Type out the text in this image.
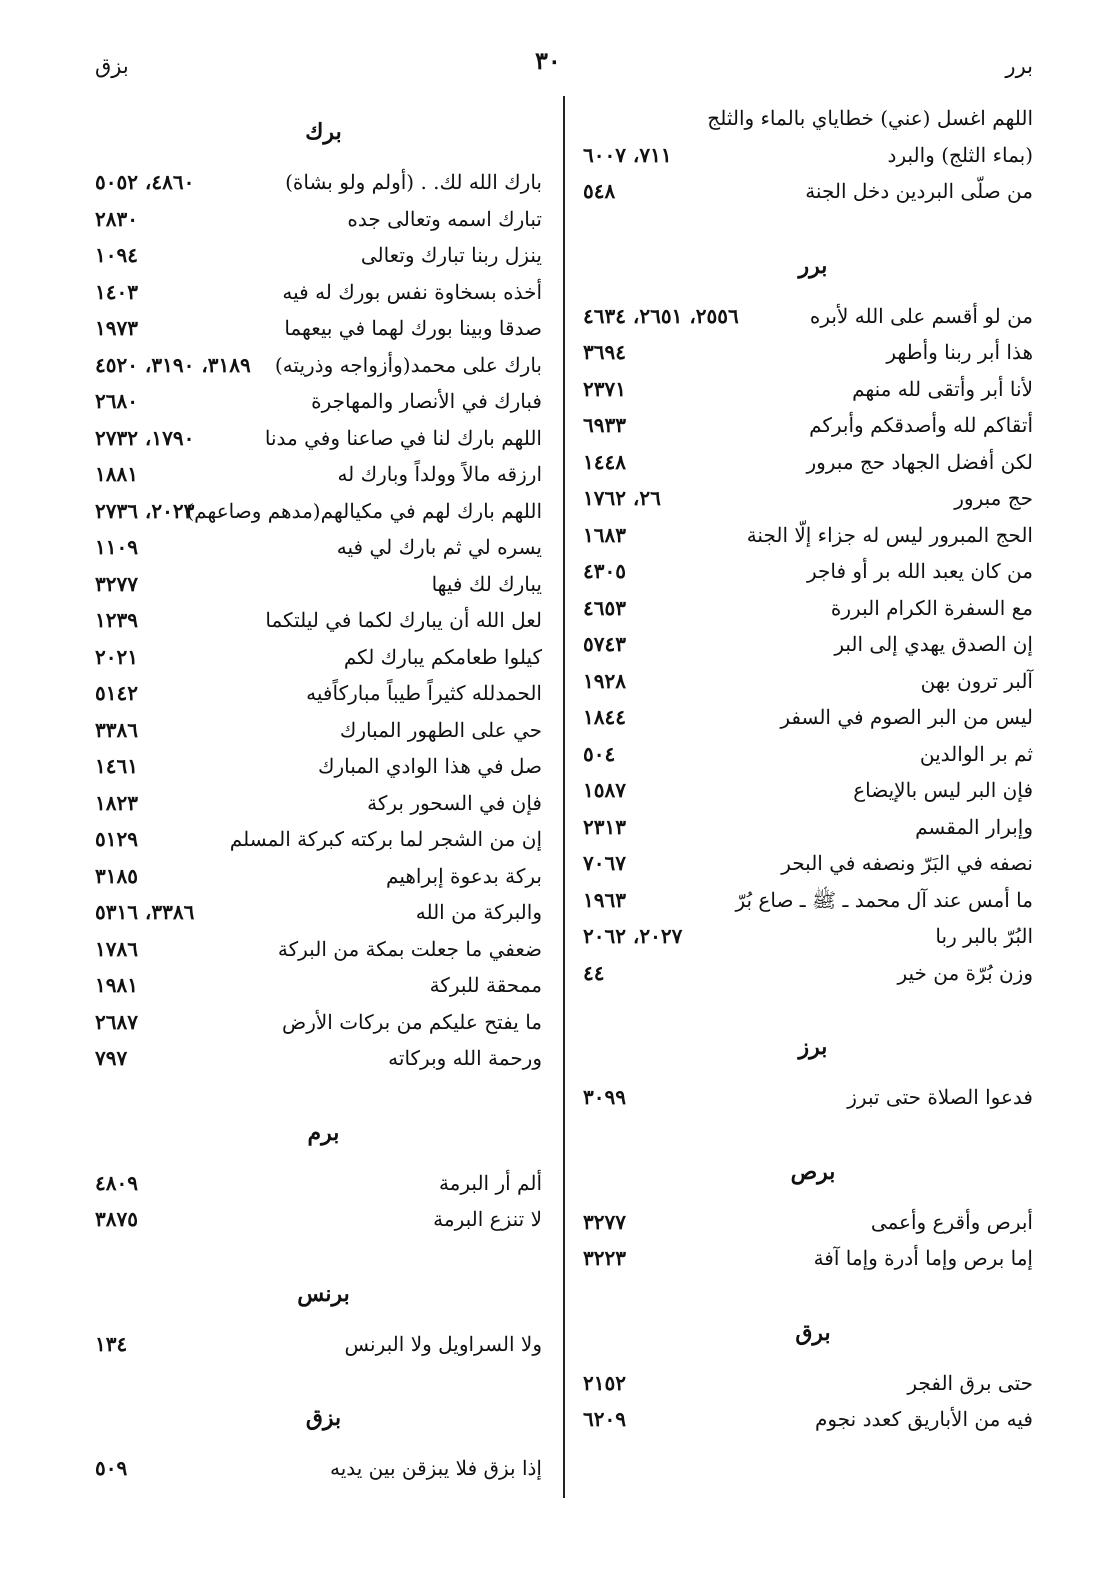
بزق	٣٠	برر
اللهم اغسل (عني) خطاياي بالماء والثلج
(بماء الثلج) والبرد
٧١١، ٦٠٠٧
من صلّى البردين دخل الجنة
٥٤٨
برر
من لو أقسم على الله لأبره
٢٥٥٦، ٢٦٥١، ٤٦٣٤
هذا أبر ربنا وأطهر
٣٦٩٤
لأنا أبر وأتقى لله منهم
٢٣٧١
أتقاكم لله وأصدقكم وأبركم
٦٩٣٣
لكن أفضل الجهاد حج مبرور
١٤٤٨
حج مبرور
٢٦، ١٧٦٢
الحج المبرور ليس له جزاء إلّا الجنة
١٦٨٣
من كان يعبد الله بر أو فاجر
٤٣٠٥
مع السفرة الكرام البررة
٤٦٥٣
إن الصدق يهدي إلى البر
٥٧٤٣
آلبر ترون بهن
١٩٢٨
ليس من البر الصوم في السفر
١٨٤٤
ثم بر الوالدين
٥٠٤
فإن البر ليس بالإيضاع
١٥٨٧
وإبرار المقسم
٢٣١٣
نصفه في البَرّ ونصفه في البحر
٧٠٦٧
ما أمس عند آل محمد ـ ﷺ ـ صاع بُرّ
١٩٦٣
البُرّ بالبر ربا
٢٠٢٧، ٢٠٦٢
وزن بُرّة من خير
٤٤
برز
فدعوا الصلاة حتى تبرز
٣٠٩٩
برص
أبرص وأقرع وأعمى
٣٢٧٧
إما برص وإما أدرة وإما آفة
٣٢٢٣
برق
حتى برق الفجر
٢١٥٢
فيه من الأباريق كعدد نجوم
٦٢٠٩
برك
بارك الله لك. . (أولم ولو بشاة)
٤٨٦٠، ٥٠٥٢
تبارك اسمه وتعالى جده
٢٨٣٠
ينزل ربنا تبارك وتعالى
١٠٩٤
أخذه بسخاوة نفس بورك له فيه
١٤٠٣
صدقا وبينا بورك لهما في بيعهما
١٩٧٣
بارك على محمد(وأزواجه وذريته)
٣١٨٩، ٣١٩٠، ٤٥٢٠
فبارك في الأنصار والمهاجرة
٢٦٨٠
اللهم بارك لنا في صاعنا وفي مدنا
١٧٩٠، ٢٧٣٢
ارزقه مالاً وولداً وبارك له
١٨٨١
اللهم بارك لهم في مكيالهم(مدهم وصاعهم)
٢٠٢٣، ٢٧٣٦
يسره لي ثم بارك لي فيه
١١٠٩
يبارك لك فيها
٣٢٧٧
لعل الله أن يبارك لكما في ليلتكما
١٢٣٩
كيلوا طعامكم يبارك لكم
٢٠٢١
الحمدلله كثيراً طيباً مباركاًفيه
٥١٤٢
حي على الطهور المبارك
٣٣٨٦
صل في هذا الوادي المبارك
١٤٦١
فإن في السحور بركة
١٨٢٣
إن من الشجر لما بركته كبركة المسلم
٥١٢٩
بركة بدعوة إبراهيم
٣١٨٥
والبركة من الله
٣٣٨٦، ٥٣١٦
ضعفي ما جعلت بمكة من البركة
١٧٨٦
ممحقة للبركة
١٩٨١
ما يفتح عليكم من بركات الأرض
٢٦٨٧
ورحمة الله وبركاته
٧٩٧
برم
ألم أر البرمة
٤٨٠٩
لا تنزع البرمة
٣٨٧٥
برنس
ولا السراويل ولا البرنس
١٣٤
بزق
إذا بزق فلا يبزقن بين يديه
٥٠٩
